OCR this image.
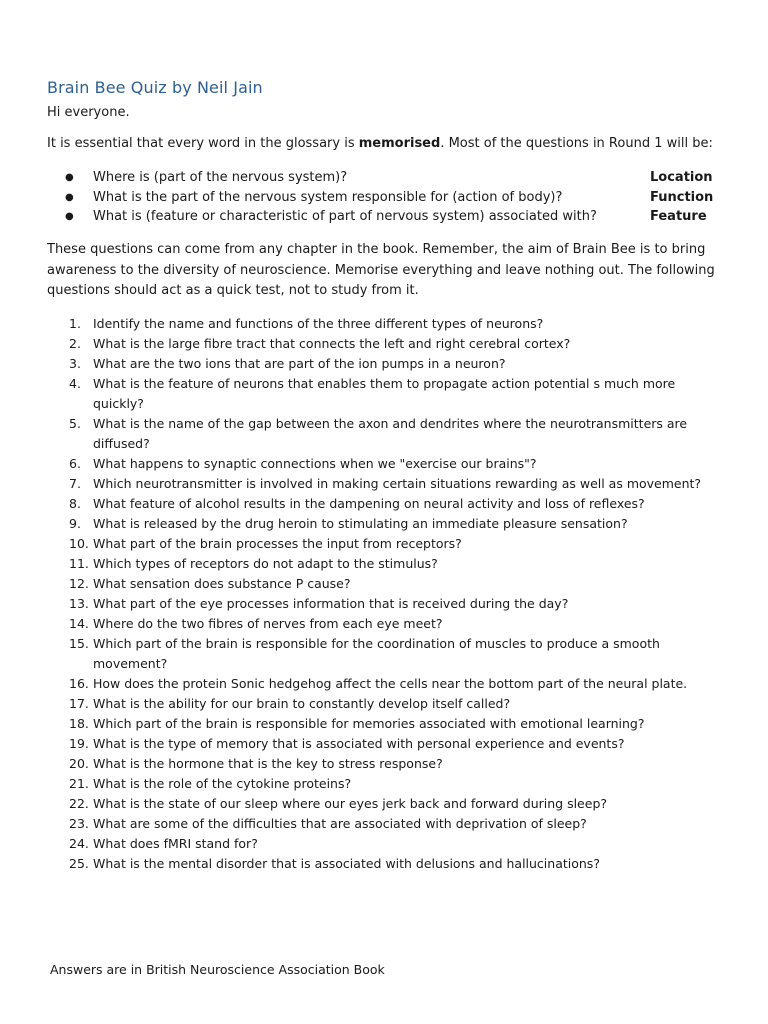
Brain Bee Quiz by Neil Jain
Hi everyone.
It is essential that every word in the glossary is memorised. Most of the questions in Round 1 will be:
● Where is (part of the nervous system)?	Location
● What is the part of the nervous system responsible for (action of body)?	Function
● What is (feature or characteristic of part of nervous system) associated with?	Feature
These questions can come from any chapter in the book. Remember, the aim of Brain Bee is to bring awareness to the diversity of neuroscience. Memorise everything and leave nothing out. The following questions should act as a quick test, not to study from it.
1. Identify the name and functions of the three different types of neurons?
2. What is the large fibre tract that connects the left and right cerebral cortex?
3. What are the two ions that are part of the ion pumps in a neuron?
4. What is the feature of neurons that enables them to propagate action potential s much more quickly?
5. What is the name of the gap between the axon and dendrites where the neurotransmitters are diffused?
6. What happens to synaptic connections when we "exercise our brains"?
7. Which neurotransmitter is involved in making certain situations rewarding as well as movement?
8. What feature of alcohol results in the dampening on neural activity and loss of reflexes?
9. What is released by the drug heroin to stimulating an immediate pleasure sensation?
10. What part of the brain processes the input from receptors?
11. Which types of receptors do not adapt to the stimulus?
12. What sensation does substance P cause?
13. What part of the eye processes information that is received during the day?
14. Where do the two fibres of nerves from each eye meet?
15. Which part of the brain is responsible for the coordination of muscles to produce a smooth movement?
16. How does the protein Sonic hedgehog affect the cells near the bottom part of the neural plate.
17. What is the ability for our brain to constantly develop itself called?
18. Which part of the brain is responsible for memories associated with emotional learning?
19. What is the type of memory that is associated with personal experience and events?
20. What is the hormone that is the key to stress response?
21. What is the role of the cytokine proteins?
22. What is the state of our sleep where our eyes jerk back and forward during sleep?
23. What are some of the difficulties that are associated with deprivation of sleep?
24. What does fMRI stand for?
25. What is the mental disorder that is associated with delusions and hallucinations?
Answers are in British Neuroscience Association Book
